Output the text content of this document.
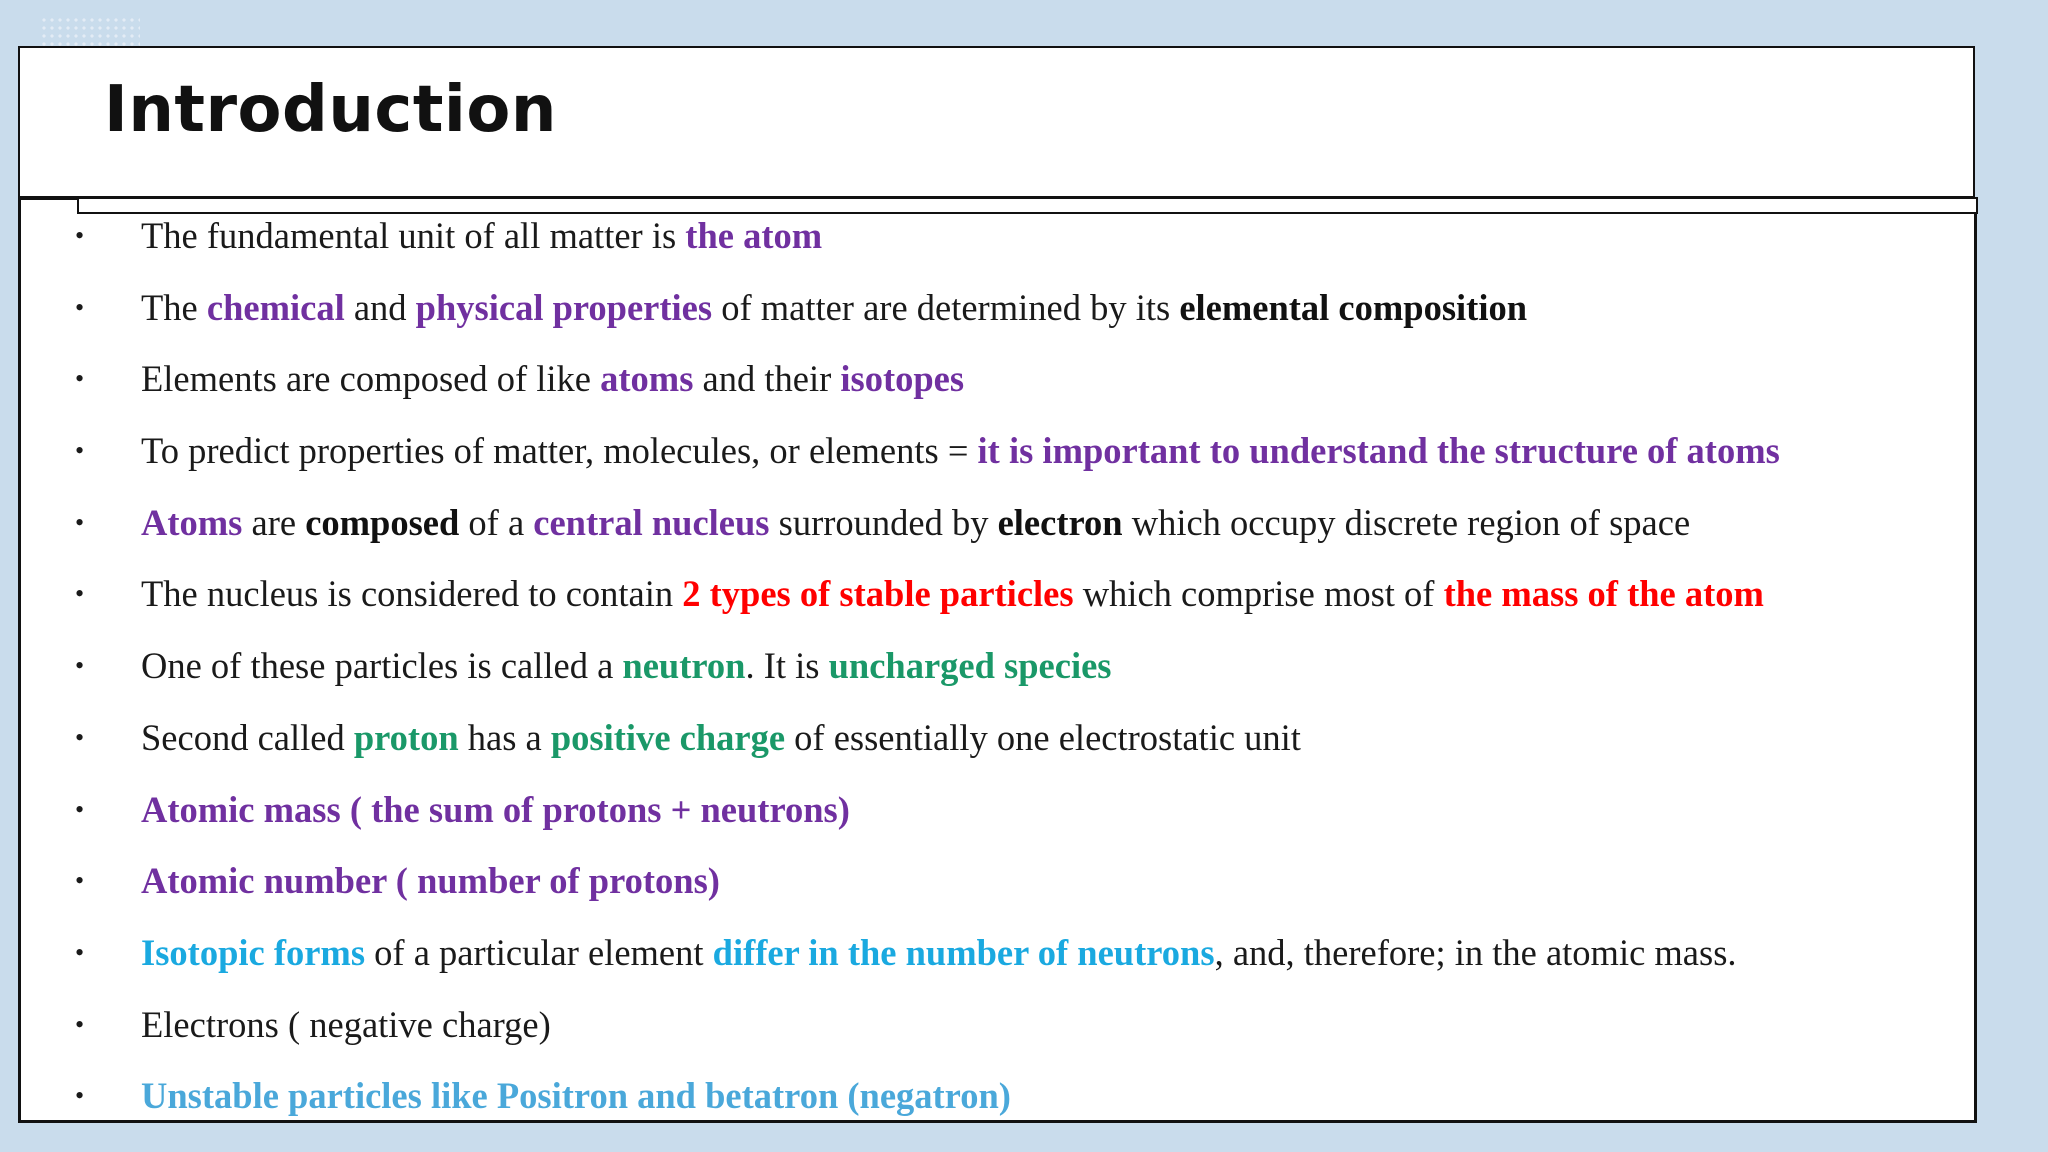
Introduction
• The fundamental unit of all matter is the atom
• The chemical and physical properties of matter are determined by its elemental composition
• Elements are composed of like atoms and their isotopes
• To predict properties of matter, molecules, or elements = it is important to understand the structure of atoms
• Atoms are composed of a central nucleus surrounded by electron which occupy discrete region of space
• The nucleus is considered to contain 2 types of stable particles which comprise most of the mass of the atom
• One of these particles is called a neutron. It is uncharged species
• Second called proton has a positive charge of essentially one electrostatic unit
• Atomic mass ( the sum of protons + neutrons)
• Atomic number ( number of protons)
• Isotopic forms of a particular element differ in the number of neutrons, and, therefore; in the atomic mass.
• Electrons ( negative charge)
• Unstable particles like Positron and betatron (negatron)
